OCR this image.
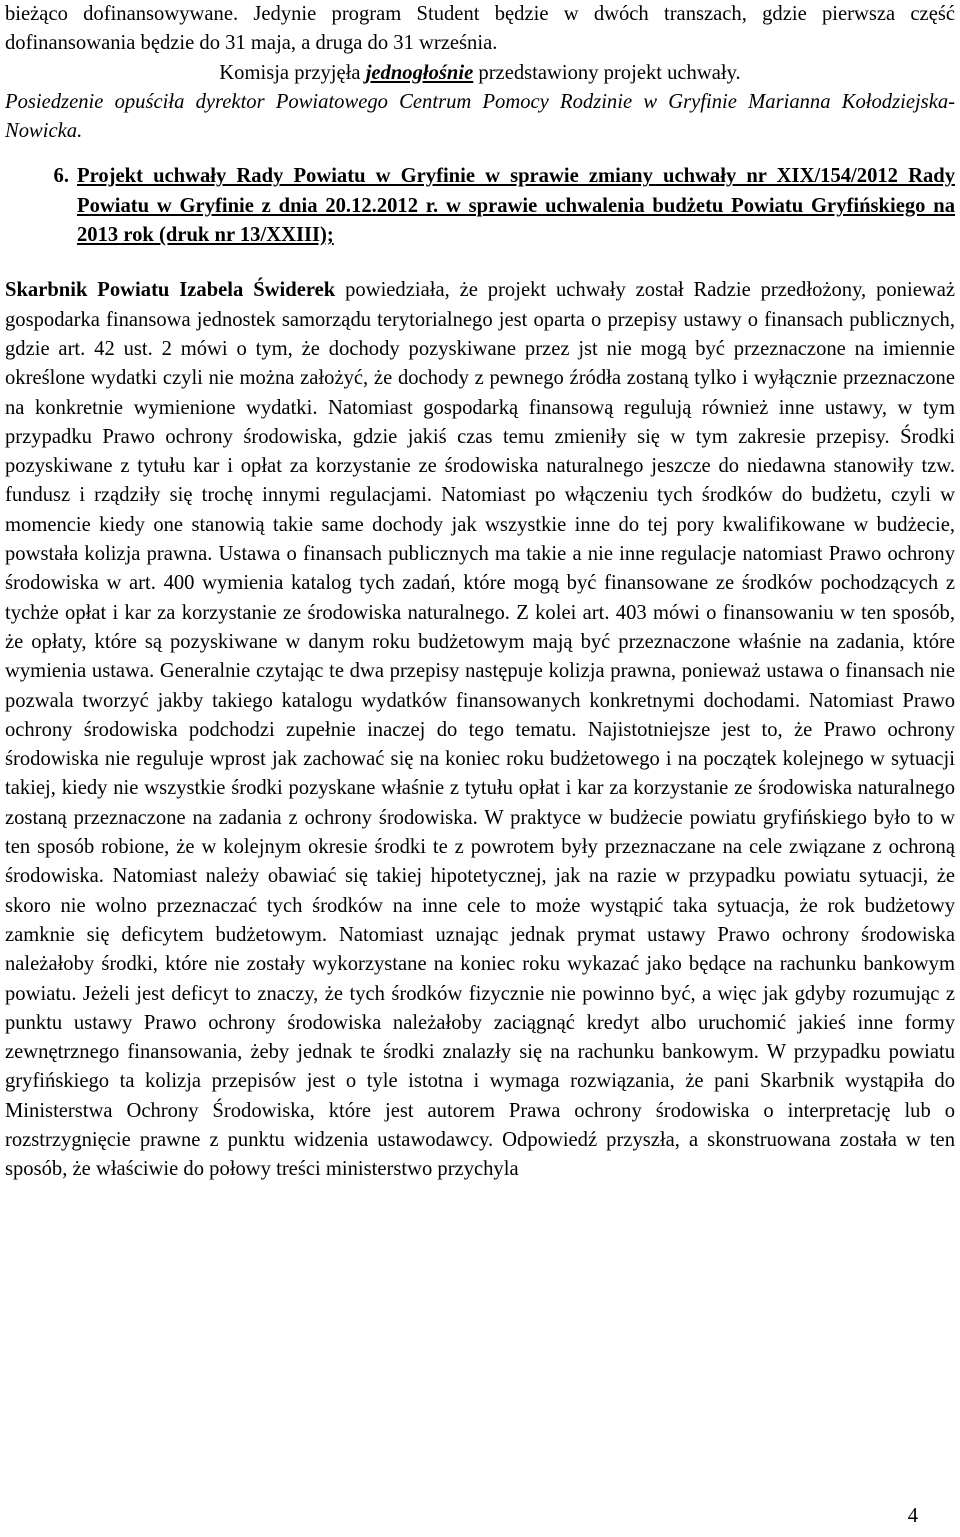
bieżąco dofinansowywane. Jedynie program Student będzie w dwóch transzach, gdzie pierwsza część dofinansowania będzie do 31 maja, a druga do 31 września.

Komisja przyjęła jednogłośnie przedstawiony projekt uchwały.

Posiedzenie opuściła dyrektor Powiatowego Centrum Pomocy Rodzinie w Gryfinie Marianna Kołodziejska-Nowicka.

6. Projekt uchwały Rady Powiatu w Gryfinie w sprawie zmiany uchwały nr XIX/154/2012 Rady Powiatu w Gryfinie z dnia 20.12.2012 r. w sprawie uchwalenia budżetu Powiatu Gryfińskiego na 2013 rok (druk nr 13/XXIII);

Skarbnik Powiatu Izabela Świderek powiedziała, że projekt uchwały został Radzie przedłożony, ponieważ gospodarka finansowa jednostek samorządu terytorialnego jest oparta o przepisy ustawy o finansach publicznych, gdzie art. 42 ust. 2 mówi o tym, że dochody pozyskiwane przez jst nie mogą być przeznaczone na imiennie określone wydatki czyli nie można założyć, że dochody z pewnego źródła zostaną tylko i wyłącznie przeznaczone na konkretnie wymienione wydatki. Natomiast gospodarką finansową regulują również inne ustawy, w tym przypadku Prawo ochrony środowiska, gdzie jakiś czas temu zmieniły się w tym zakresie przepisy. Środki pozyskiwane z tytułu kar i opłat za korzystanie ze środowiska naturalnego jeszcze do niedawna stanowiły tzw. fundusz i rządziły się trochę innymi regulacjami. Natomiast po włączeniu tych środków do budżetu, czyli w momencie kiedy one stanowią takie same dochody jak wszystkie inne do tej pory kwalifikowane w budżecie, powstała kolizja prawna. Ustawa o finansach publicznych ma takie a nie inne regulacje natomiast Prawo ochrony środowiska w art. 400 wymienia katalog tych zadań, które mogą być finansowane ze środków pochodzących z tychże opłat i kar za korzystanie ze środowiska naturalnego. Z kolei art. 403 mówi o finansowaniu w ten sposób, że opłaty, które są pozyskiwane w danym roku budżetowym mają być przeznaczone właśnie na zadania, które wymienia ustawa. Generalnie czytając te dwa przepisy następuje kolizja prawna, ponieważ ustawa o finansach nie pozwala tworzyć jakby takiego katalogu wydatków finansowanych konkretnymi dochodami. Natomiast Prawo ochrony środowiska podchodzi zupełnie inaczej do tego tematu. Najistotniejsze jest to, że Prawo ochrony środowiska nie reguluje wprost jak zachować się na koniec roku budżetowego i na początek kolejnego w sytuacji takiej, kiedy nie wszystkie środki pozyskane właśnie z tytułu opłat i kar za korzystanie ze środowiska naturalnego zostaną przeznaczone na zadania z ochrony środowiska. W praktyce w budżecie powiatu gryfińskiego było to w ten sposób robione, że w kolejnym okresie środki te z powrotem były przeznaczane na cele związane z ochroną środowiska. Natomiast należy obawiać się takiej hipotetycznej, jak na razie w przypadku powiatu sytuacji, że skoro nie wolno przeznaczać tych środków na inne cele to może wystąpić taka sytuacja, że rok budżetowy zamknie się deficytem budżetowym. Natomiast uznając jednak prymat ustawy Prawo ochrony środowiska należałoby środki, które nie zostały wykorzystane na koniec roku wykazać jako będące na rachunku bankowym powiatu. Jeżeli jest deficyt to znaczy, że tych środków fizycznie nie powinno być, a więc jak gdyby rozumując z punktu ustawy Prawo ochrony środowiska należałoby zaciągnąć kredyt albo uruchomić jakieś inne formy zewnętrznego finansowania, żeby jednak te środki znalazły się na rachunku bankowym. W przypadku powiatu gryfińskiego ta kolizja przepisów jest o tyle istotna i wymaga rozwiązania, że pani Skarbnik wystąpiła do Ministerstwa Ochrony Środowiska, które jest autorem Prawa ochrony środowiska o interpretację lub o rozstrzygnięcie prawne z punktu widzenia ustawodawcy. Odpowiedź przyszła, a skonstruowana została w ten sposób, że właściwie do połowy treści ministerstwo przychyla

4
